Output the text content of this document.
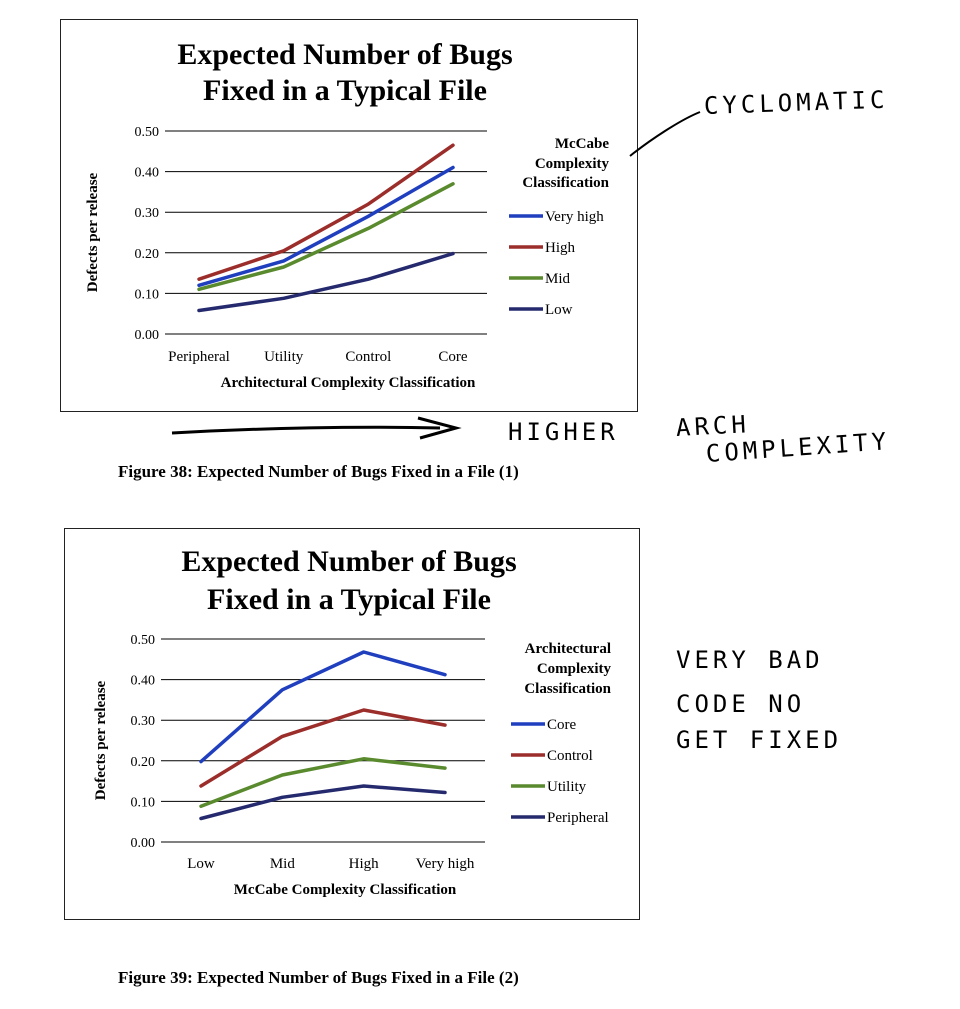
Expected Number of Bugs
Fixed in a Typical File
0.00
0.10
0.20
0.30
0.40
0.50
Defects per release
Peripheral Utility	Control	Core
Architectural Complexity Classification
McCabe
Complexity
Classification
Very high
High
Mid
Low
Figure 38: Expected Number of Bugs Fixed in a File (1)
Expected Number of Bugs
Fixed in a Typical File
0.00
0.10
0.20
0.30
0.40
0.50
Defects per release
Low	Mid	High Very high
McCabe Complexity Classification
Architectural
Complexity
Classification
Core
Control
Utility
Peripheral
Figure 39: Expected Number of Bugs Fixed in a File (2)
CYCLOMATIC
HIGHER ARCH
COMPLEXITY
VERY BAD
CODE NO
GET FIXED
